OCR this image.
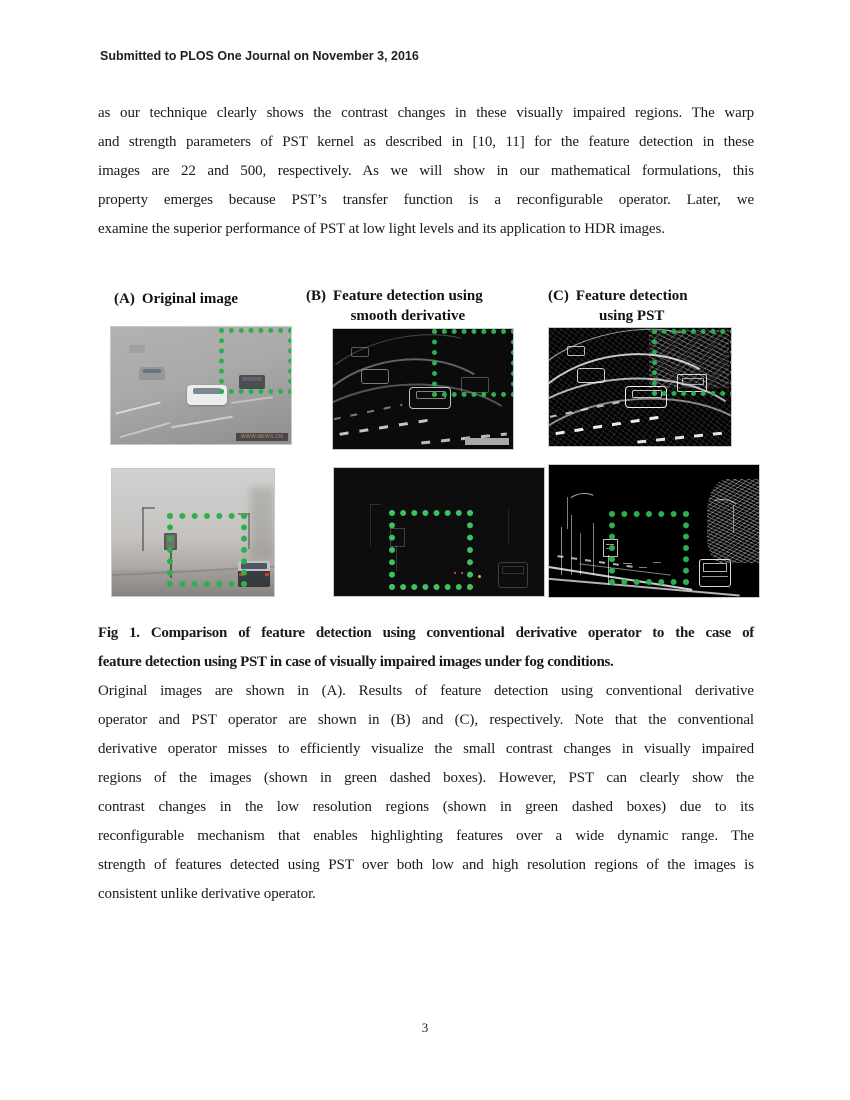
Submitted to PLOS One Journal on November 3, 2016
as our technique clearly shows the contrast changes in these visually impaired regions. The warp
and strength parameters of PST kernel as described in [10, 11] for the feature detection in these
images are 22 and 500, respectively. As we will show in our mathematical formulations, this
property emerges because PST’s transfer function is a reconfigurable operator. Later, we
examine the superior performance of PST at low light levels and its application to HDR images.
(A) Original image	(B) Feature detection using
smooth derivative
(C) Feature detection
using PST
WWW.NEWS.CN
Fig 1. Comparison of feature detection using conventional derivative operator to the case of
feature detection using PST in case of visually impaired images under fog conditions.
Original images are shown in (A). Results of feature detection using conventional derivative
operator and PST operator are shown in (B) and (C), respectively. Note that the conventional
derivative operator misses to efficiently visualize the small contrast changes in visually impaired
regions of the images (shown in green dashed boxes). However, PST can clearly show the
contrast changes in the low resolution regions (shown in green dashed boxes) due to its
reconfigurable mechanism that enables highlighting features over a wide dynamic range. The
strength of features detected using PST over both low and high resolution regions of the images is
consistent unlike derivative operator.
3
